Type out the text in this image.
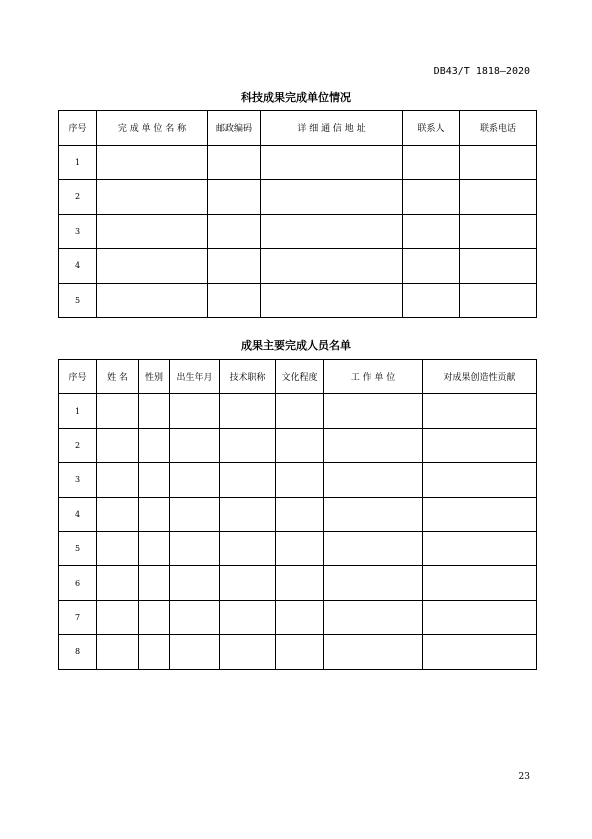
DB43/T 1818—2020
科技成果完成单位情况
序号	完 成 单 位 名 称	邮政编码	详 细 通 信 地 址	联系人	联系电话
1					
2					
3					
4					
5					
成果主要完成人员名单
序号	姓 名	性别	出生年月	技术职称	文化程度	工 作 单 位	对成果创造性贡献
1							
2							
3							
4							
5							
6							
7							
8							
23
